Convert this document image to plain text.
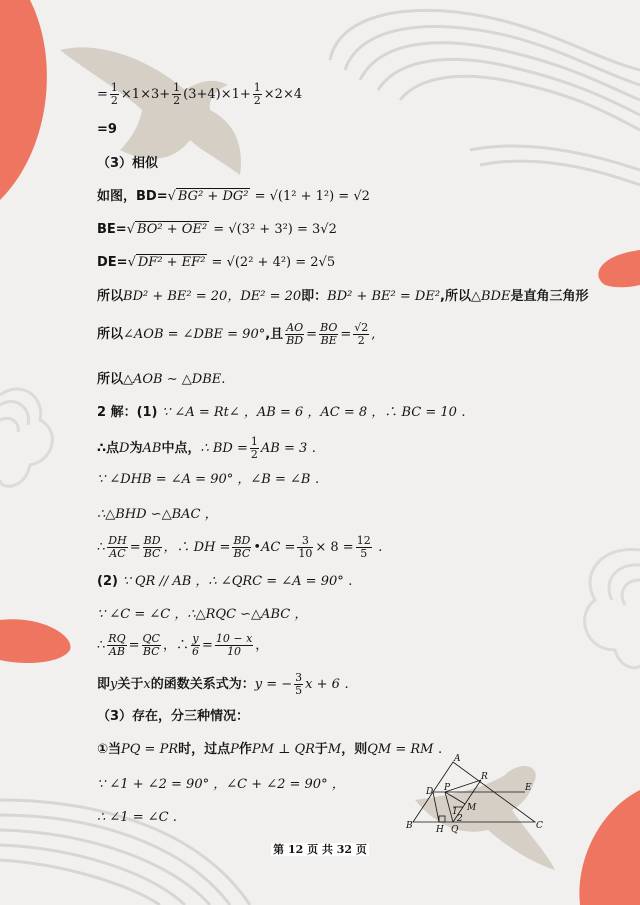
= $\frac{1}{2} \times 1\times 3+ \frac{1}{2} (3+4)\times 1+ \frac{1}{2} \times 2\times 4$
=9
（3）相似
如图，BD=√ BG² + DG² = √(1² + 1²) = √2
BE=√ BO² + OE² = √(3² + 3²) = 3√2
DE=√ DF² + EF² = √(2² + 4²) = 2√5
所以BD² + BE² = 20，DE² = 20即：BD² + BE² = DE²,所以△BDE是直角三角形
所以∠AOB = ∠DBE = 90°,且 $\frac{AO}{BD} = \frac{BO}{BE} = \frac{√2}{2}$ ,
所以△AOB ∼ △DBE.
2 解：(1) ∵ ∠A = Rt∠ ，AB = 6 ，AC = 8 ，∴ BC = 10 .
∴点D为AB中点，∴ BD = $\frac{1}{2}$ AB = 3 .
∵ ∠DHB = ∠A = 90° ，∠B = ∠B .
∴△BHD ∽△BAC ，
∴ $\frac{DH}{AC} = \frac{BD}{BC}$ ，∴ DH = $\frac{BD}{BC}$ •AC = $\frac{3}{10} \times 8 = \frac{12}{5}$ .
(2) ∵ QR // AB ，∴ ∠QRC = ∠A = 90° .
∵ ∠C = ∠C ，∴△RQC ∽△ABC ，
∴ $\frac{RQ}{AB} = \frac{QC}{BC}$ ，∴ $\frac{y}{6} = \frac{10 - x}{10}$ ，
即y关于x的函数关系式为：y = − $\frac{3}{5}$ x + 6 .
（3）存在，分三种情况：
①当PQ = PR时，过点P作PM ⊥ QR于M，则QM = RM .
∵ ∠1 + ∠2 = 90° ，∠C + ∠2 = 90° ，
∴ ∠1 = ∠C .
A
B	C
D	E
R
P
M
H Q
1
2
第 12 页 共 32 页
